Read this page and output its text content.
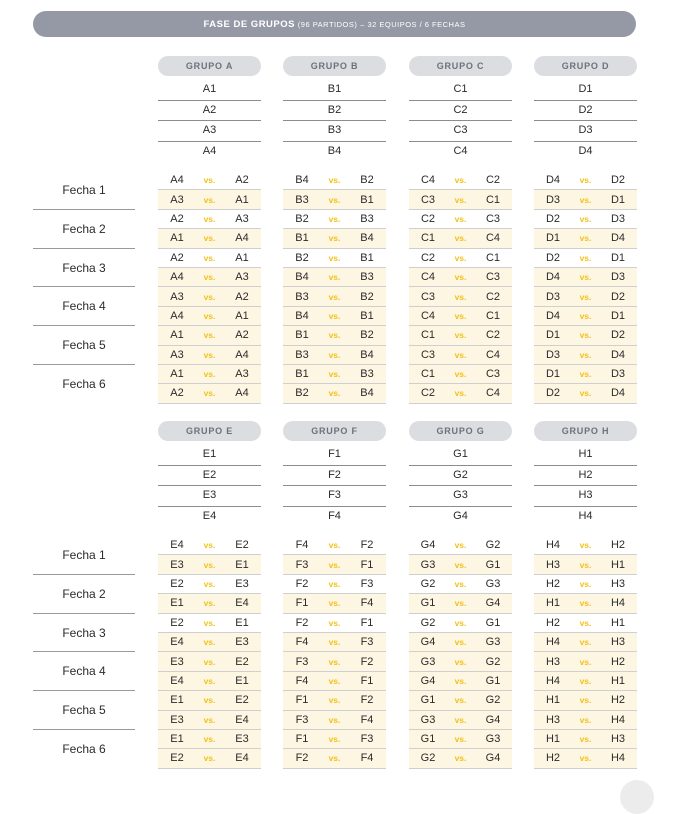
FASE DE GRUPOS (96 PARTIDOS) – 32 EQUIPOS / 6 FECHAS
Fecha 1
Fecha 2
Fecha 3
Fecha 4
Fecha 5
Fecha 6
GRUPO A
A1
A2
A3
A4
A4	vs.	A2
A3	vs.	A1
A2	vs.	A3
A1	vs.	A4
A2	vs.	A1
A4	vs.	A3
A3	vs.	A2
A4	vs.	A1
A1	vs.	A2
A3	vs.	A4
A1	vs.	A3
A2	vs.	A4
GRUPO B
B1
B2
B3
B4
B4	vs.	B2
B3	vs.	B1
B2	vs.	B3
B1	vs.	B4
B2	vs.	B1
B4	vs.	B3
B3	vs.	B2
B4	vs.	B1
B1	vs.	B2
B3	vs.	B4
B1	vs.	B3
B2	vs.	B4
GRUPO C
C1
C2
C3
C4
C4	vs.	C2
C3	vs.	C1
C2	vs.	C3
C1	vs.	C4
C2	vs.	C1
C4	vs.	C3
C3	vs.	C2
C4	vs.	C1
C1	vs.	C2
C3	vs.	C4
C1	vs.	C3
C2	vs.	C4
GRUPO D
D1
D2
D3
D4
D4	vs.	D2
D3	vs.	D1
D2	vs.	D3
D1	vs.	D4
D2	vs.	D1
D4	vs.	D3
D3	vs.	D2
D4	vs.	D1
D1	vs.	D2
D3	vs.	D4
D1	vs.	D3
D2	vs.	D4
Fecha 1
Fecha 2
Fecha 3
Fecha 4
Fecha 5
Fecha 6
GRUPO E
E1
E2
E3
E4
E4	vs.	E2
E3	vs.	E1
E2	vs.	E3
E1	vs.	E4
E2	vs.	E1
E4	vs.	E3
E3	vs.	E2
E4	vs.	E1
E1	vs.	E2
E3	vs.	E4
E1	vs.	E3
E2	vs.	E4
GRUPO F
F1
F2
F3
F4
F4	vs.	F2
F3	vs.	F1
F2	vs.	F3
F1	vs.	F4
F2	vs.	F1
F4	vs.	F3
F3	vs.	F2
F4	vs.	F1
F1	vs.	F2
F3	vs.	F4
F1	vs.	F3
F2	vs.	F4
GRUPO G
G1
G2
G3
G4
G4	vs.	G2
G3	vs.	G1
G2	vs.	G3
G1	vs.	G4
G2	vs.	G1
G4	vs.	G3
G3	vs.	G2
G4	vs.	G1
G1	vs.	G2
G3	vs.	G4
G1	vs.	G3
G2	vs.	G4
GRUPO H
H1
H2
H3
H4
H4	vs.	H2
H3	vs.	H1
H2	vs.	H3
H1	vs.	H4
H2	vs.	H1
H4	vs.	H3
H3	vs.	H2
H4	vs.	H1
H1	vs.	H2
H3	vs.	H4
H1	vs.	H3
H2	vs.	H4
